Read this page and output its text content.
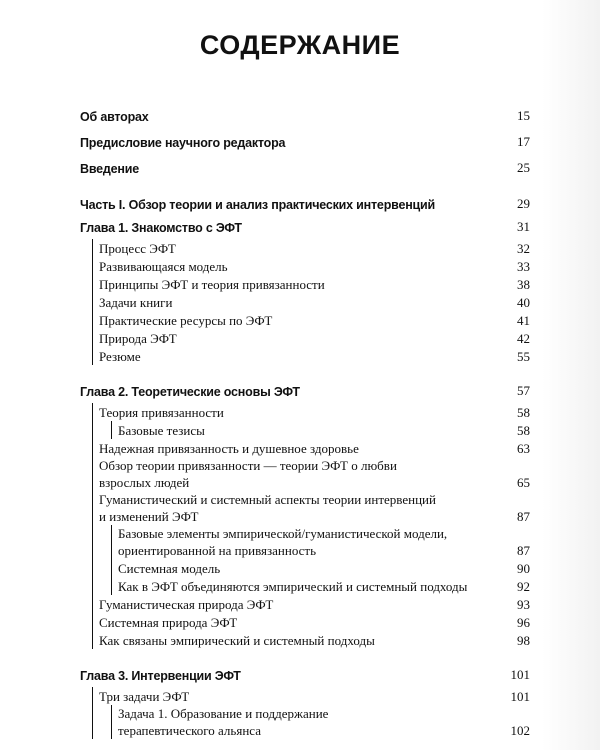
СОДЕРЖАНИЕ
Об авторах	15
Предисловие научного редактора	17
Введение	25
Часть I. Обзор теории и анализ практических интервенций	29
Глава 1. Знакомство с ЭФТ	31
Процесс ЭФТ	32
Развивающаяся модель	33
Принципы ЭФТ и теория привязанности	38
Задачи книги	40
Практические ресурсы по ЭФТ	41
Природа ЭФТ	42
Резюме	55
Глава 2. Теоретические основы ЭФТ	57
Теория привязанности	58
Базовые тезисы	58
Надежная привязанность и душевное здоровье	63
Обзор теории привязанности — теории ЭФТ о любви
взрослых людей	65
Гуманистический и системный аспекты теории интервенций
и изменений ЭФТ	87
Базовые элементы эмпирической/гуманистической модели,
ориентированной на привязанность	87
Системная модель	90
Как в ЭФТ объединяются эмпирический и системный подходы	92
Гуманистическая природа ЭФТ	93
Системная природа ЭФТ	96
Как связаны эмпирический и системный подходы	98
Глава 3. Интервенции ЭФТ	101
Три задачи ЭФТ	101
Задача 1. Образование и поддержание
терапевтического альянса	102
